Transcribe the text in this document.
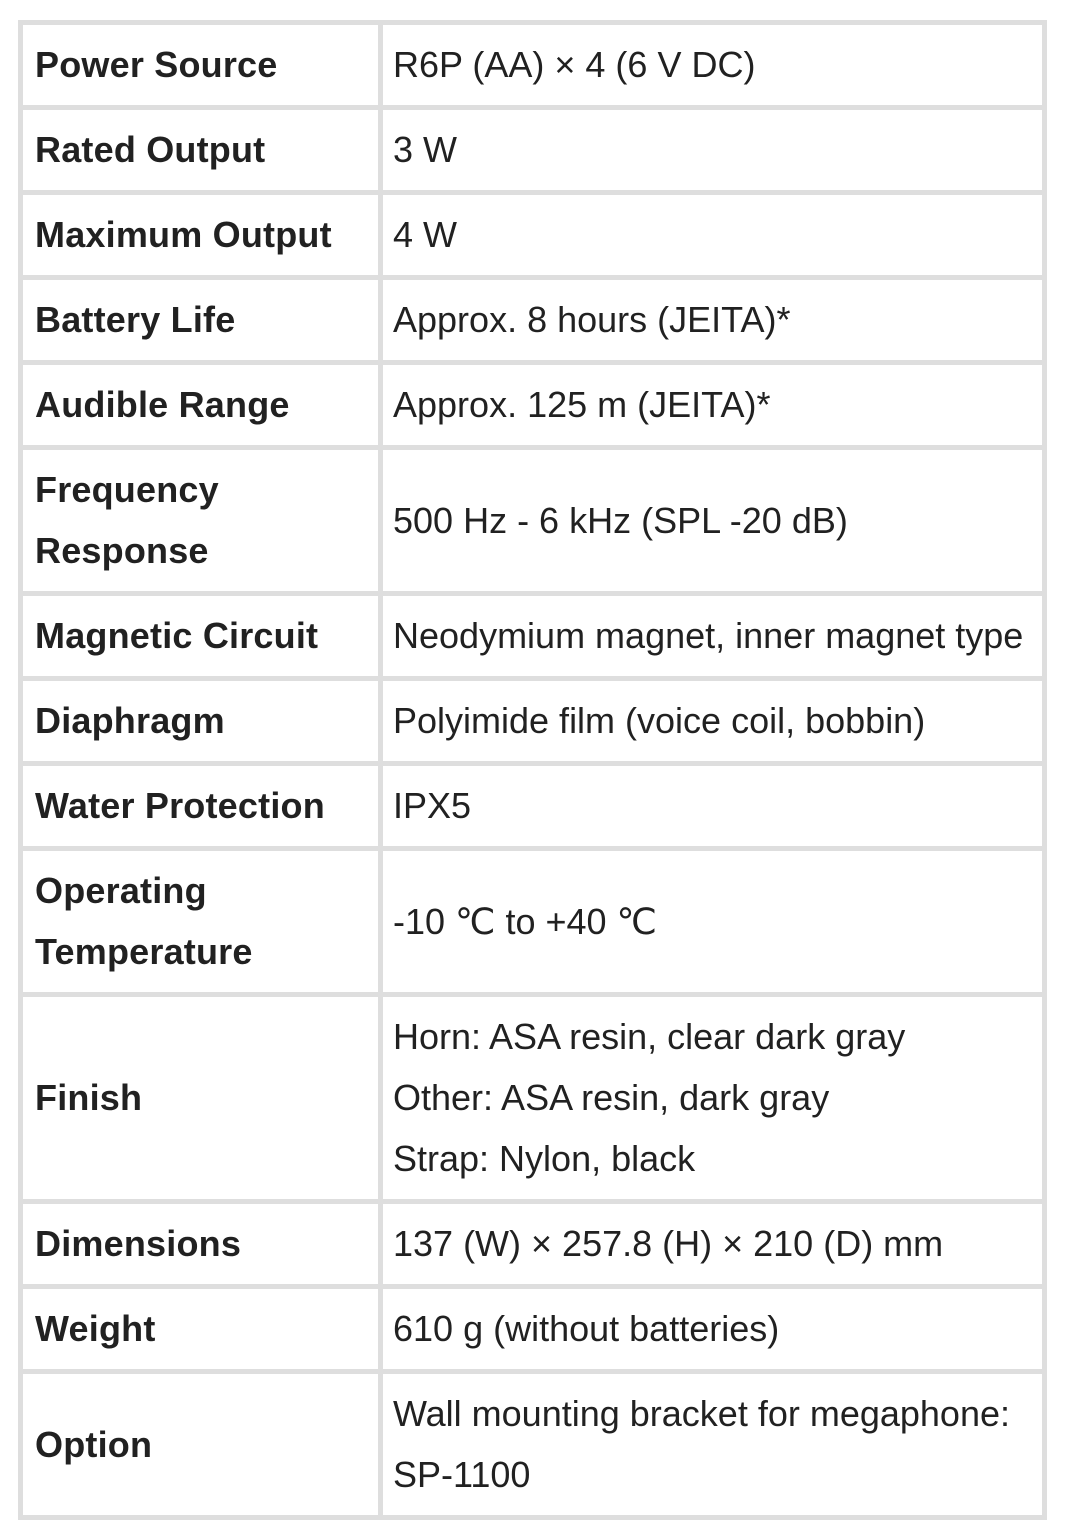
Power Source	R6P (AA) × 4 (6 V DC)

Rated Output	3 W

Maximum Output	4 W

Battery Life	Approx. 8 hours (JEITA)*

Audible Range	Approx. 125 m (JEITA)*

Frequency Response	500 Hz - 6 kHz (SPL -20 dB)

Magnetic Circuit	Neodymium magnet, inner magnet type

Diaphragm	Polyimide film (voice coil, bobbin)

Water Protection	IPX5

Operating Temperature	-10 ℃ to +40 ℃

Finish	Horn: ASA resin, clear dark gray
Other: ASA resin, dark gray
Strap: Nylon, black

Dimensions	137 (W) × 257.8 (H) × 210 (D) mm

Weight	610 g (without batteries)

Option	Wall mounting bracket for megaphone: SP-1100
